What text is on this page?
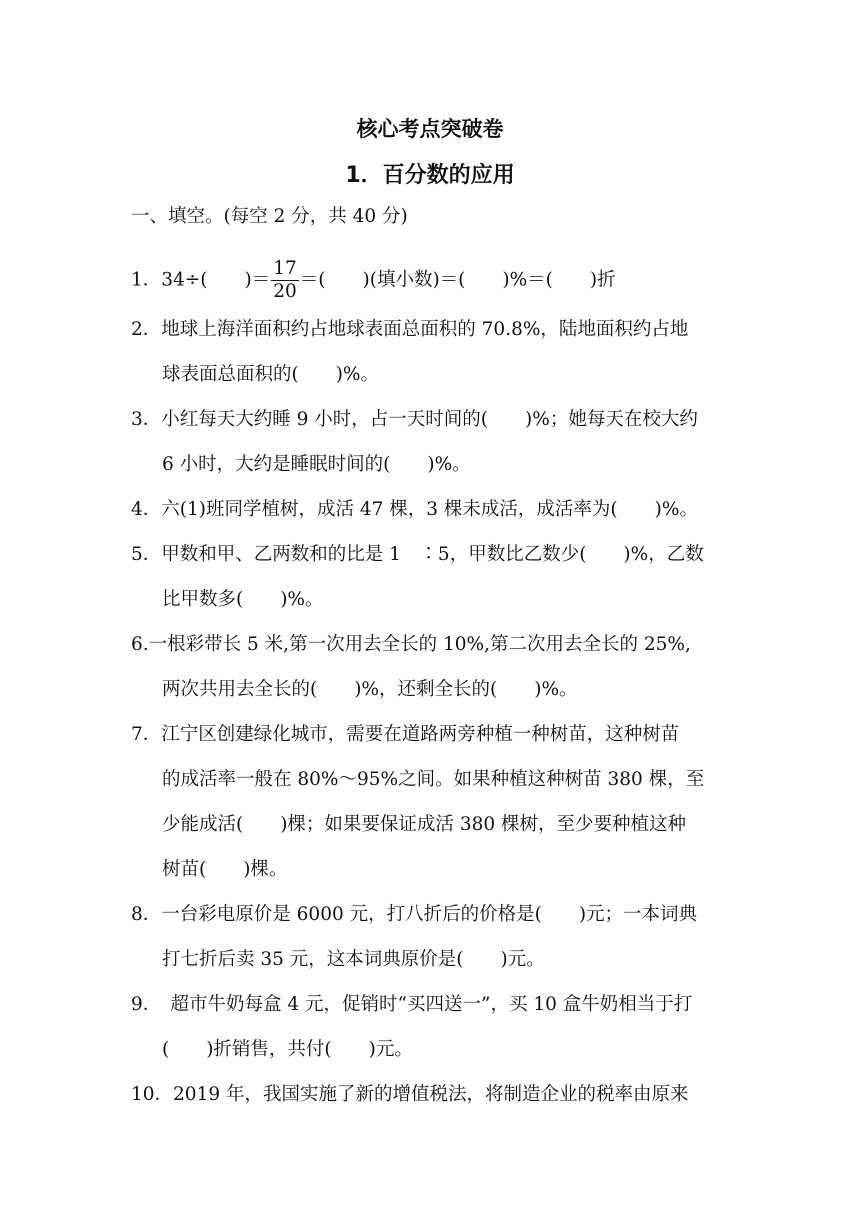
核心考点突破卷
1．百分数的应用
一、填空。(每空 2 分，共 40 分)
1．34÷(　　)＝ $\frac{17}{20}$ ＝(　　)(填小数)＝(　　)%＝(　　)折
2．地球上海洋面积约占地球表面总面积的 70.8%，陆地面积约占地
球表面总面积的(　　)%。
3．小红每天大约睡 9 小时，占一天时间的(　　)%；她每天在校大约
6 小时，大约是睡眠时间的(　　)%。
4．六(1)班同学植树，成活 47 棵，3 棵未成活，成活率为(　　)%。
5．甲数和甲、乙两数和的比是 1　∶5，甲数比乙数少(　　)%，乙数
比甲数多(　　)%。
6.一根彩带长 5 米,第一次用去全长的 10%,第二次用去全长的 25%,
两次共用去全长的(　　)%，还剩全长的(　　)%。
7．江宁区创建绿化城市，需要在道路两旁种植一种树苗，这种树苗
的成活率一般在 80%～95%之间。如果种植这种树苗 380 棵，至
少能成活(　　)棵；如果要保证成活 380 棵树，至少要种植这种
树苗(　　)棵。
8．一台彩电原价是 6000 元，打八折后的价格是(　　)元；一本词典
打七折后卖 35 元，这本词典原价是(　　)元。
9．　超市牛奶每盒 4 元，促销时“买四送一”，买 10 盒牛奶相当于打
(　　)折销售，共付(　　)元。
10．2019 年，我国实施了新的增值税法，将制造企业的税率由原来
